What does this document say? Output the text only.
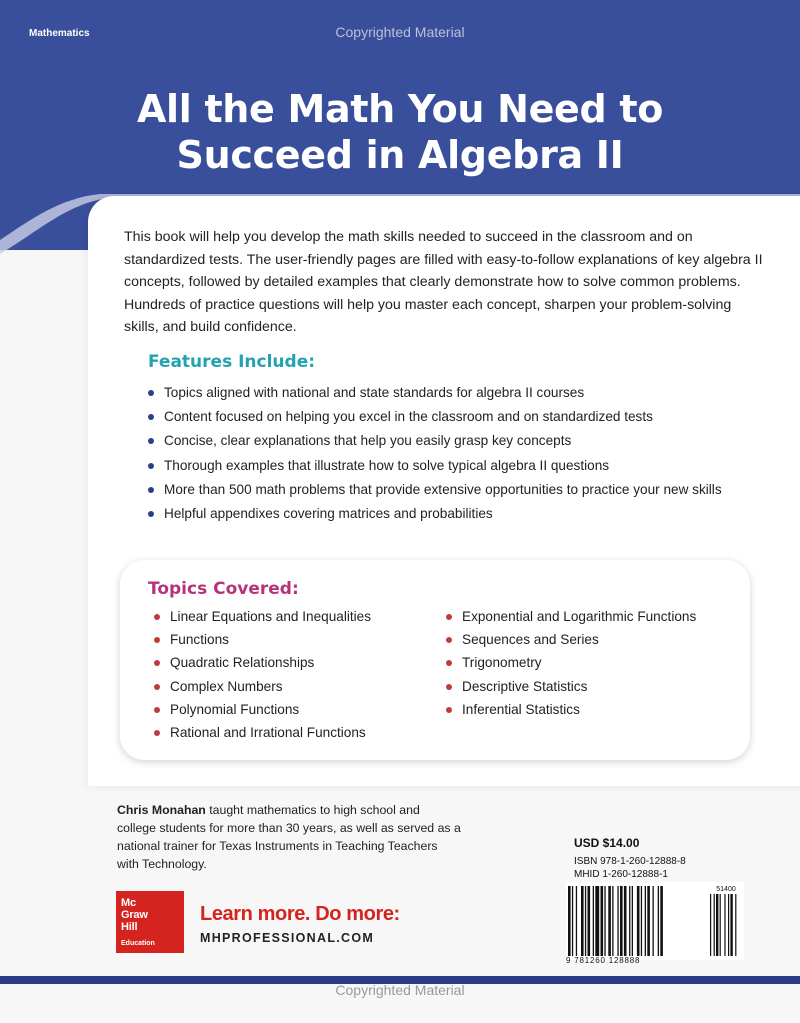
Mathematics	Copyrighted Material
All the Math You Need to
Succeed in Algebra II

This book will help you develop the math skills needed to succeed in the classroom and on standardized tests. The user-friendly pages are filled with easy-to-follow explanations of key algebra II concepts, followed by detailed examples that clearly demonstrate how to solve common problems. Hundreds of practice questions will help you master each concept, sharpen your problem-solving skills, and build confidence.

Features Include:
Topics aligned with national and state standards for algebra II courses
Content focused on helping you excel in the classroom and on standardized tests
Concise, clear explanations that help you easily grasp key concepts
Thorough examples that illustrate how to solve typical algebra II questions
More than 500 math problems that provide extensive opportunities to practice your new skills
Helpful appendixes covering matrices and probabilities
Topics Covered:
Linear Equations and Inequalities
Functions
Quadratic Relationships
Complex Numbers
Polynomial Functions
Rational and Irrational Functions
Exponential and Logarithmic Functions
Sequences and Series
Trigonometry
Descriptive Statistics
Inferential Statistics
Chris Monahan taught mathematics to high school and college students for more than 30 years, as well as served as a national trainer for Texas Instruments in Teaching Teachers with Technology.
Mc
Graw
Hill
Education
Learn more. Do more:
MHPROFESSIONAL.COM
USD $14.00
ISBN 978-1-260-12888-8
MHID 1-260-12888-1
51400
9 781260 128888
Copyrighted Material
